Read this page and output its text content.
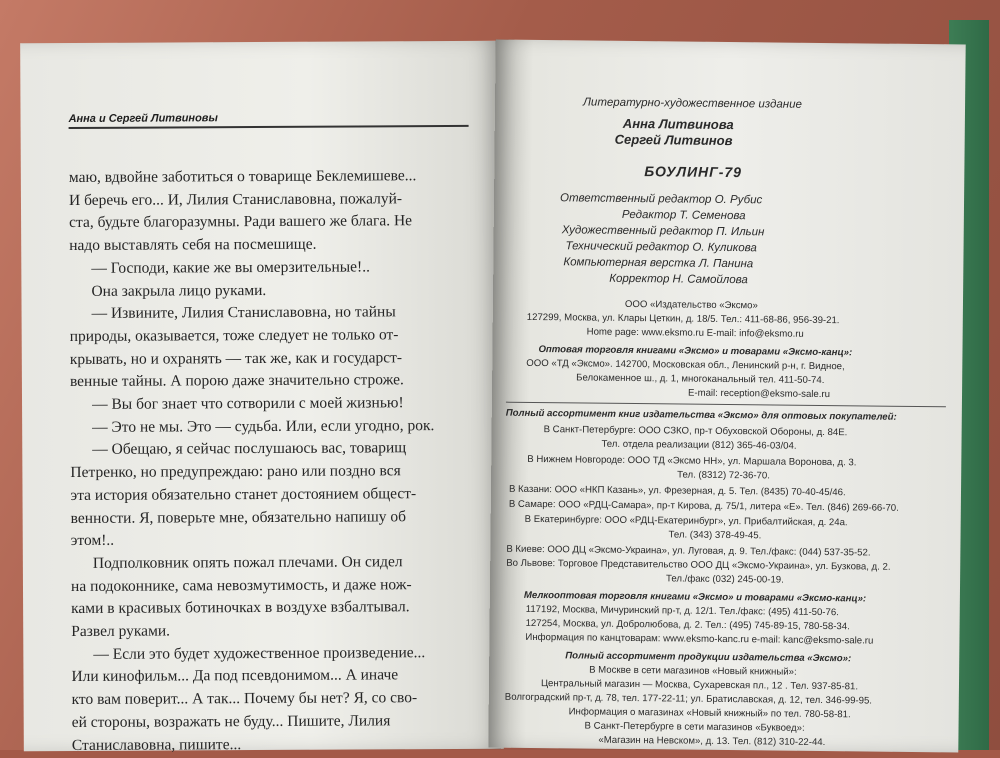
Анна и Сергей Литвиновы
маю, вдвойне заботиться о товарище Беклемишеве...
И беречь его... И, Лилия Станиславовна, пожалуй-
ста, будьте благоразумны. Ради вашего же блага. Не
надо выставлять себя на посмешище.
— Господи, какие же вы омерзительные!..
Она закрыла лицо руками.
— Извините, Лилия Станиславовна, но тайны
природы, оказывается, тоже следует не только от-
крывать, но и охранять — так же, как и государст-
венные тайны. А порою даже значительно строже.
— Вы бог знает что сотворили с моей жизнью!
— Это не мы. Это — судьба. Или, если угодно, рок.
— Обещаю, я сейчас послушаюсь вас, товарищ
Петренко, но предупреждаю: рано или поздно вся
эта история обязательно станет достоянием общест-
венности. Я, поверьте мне, обязательно напишу об
этом!..
Подполковник опять пожал плечами. Он сидел
на подоконнике, сама невозмутимость, и даже нож-
ками в красивых ботиночках в воздухе взбалтывал.
Развел руками.
— Если это будет художественное произведение...
Или кинофильм... Да под псевдонимом... А иначе
кто вам поверит... А так... Почему бы нет? Я, со сво-
ей стороны, возражать не буду... Пишите, Лилия
Станиславовна, пишите...
Литературно-художественное издание
Анна Литвинова
Сергей Литвинов
БОУЛИНГ-79
Ответственный редактор О. Рубис
Редактор Т. Семенова
Художественный редактор П. Ильин
Технический редактор О. Куликова
Компьютерная верстка Л. Панина
Корректор Н. Самойлова
ООО «Издательство «Эксмо»
127299, Москва, ул. Клары Цеткин, д. 18/5. Тел.: 411-68-86, 956-39-21.
Home page: www.eksmo.ru E-mail: info@eksmo.ru
Оптовая торговля книгами «Эксмо» и товарами «Эксмо-канц»:
ООО «ТД «Эксмо». 142700, Московская обл., Ленинский р-н, г. Видное,
Белокаменное ш., д. 1, многоканальный тел. 411-50-74.
E-mail: reception@eksmo-sale.ru
Полный ассортимент книг издательства «Эксмо» для оптовых покупателей:
В Санкт-Петербурге: ООО СЗКО, пр-т Обуховской Обороны, д. 84Е.
Тел. отдела реализации (812) 365-46-03/04.
В Нижнем Новгороде: ООО ТД «Эксмо НН», ул. Маршала Воронова, д. 3.
Тел. (8312) 72-36-70.
В Казани: ООО «НКП Казань», ул. Фрезерная, д. 5. Тел. (8435) 70-40-45/46.
В Самаре: ООО «РДЦ-Самара», пр-т Кирова, д. 75/1, литера «Е». Тел. (846) 269-66-70.
В Екатеринбурге: ООО «РДЦ-Екатеринбург», ул. Прибалтийская, д. 24а.
Тел. (343) 378-49-45.
В Киеве: ООО ДЦ «Эксмо-Украина», ул. Луговая, д. 9. Тел./факс: (044) 537-35-52.
Во Львове: Торговое Представительство ООО ДЦ «Эксмо-Украина», ул. Бузкова, д. 2.
Тел./факс (032) 245-00-19.
Мелкооптовая торговля книгами «Эксмо» и товарами «Эксмо-канц»:
117192, Москва, Мичуринский пр-т, д. 12/1. Тел./факс: (495) 411-50-76.
127254, Москва, ул. Добролюбова, д. 2. Тел.: (495) 745-89-15, 780-58-34.
Информация по канцтоварам: www.eksmo-kanc.ru e-mail: kanc@eksmo-sale.ru
Полный ассортимент продукции издательства «Эксмо»:
В Москве в сети магазинов «Новый книжный»:
Центральный магазин — Москва, Сухаревская пл., 12 . Тел. 937-85-81.
Волгоградский пр-т, д. 78, тел. 177-22-11; ул. Братиславская, д. 12, тел. 346-99-95.
Информация о магазинах «Новый книжный» по тел. 780-58-81.
В Санкт-Петербурге в сети магазинов «Буквоед»:
«Магазин на Невском», д. 13. Тел. (812) 310-22-44.
